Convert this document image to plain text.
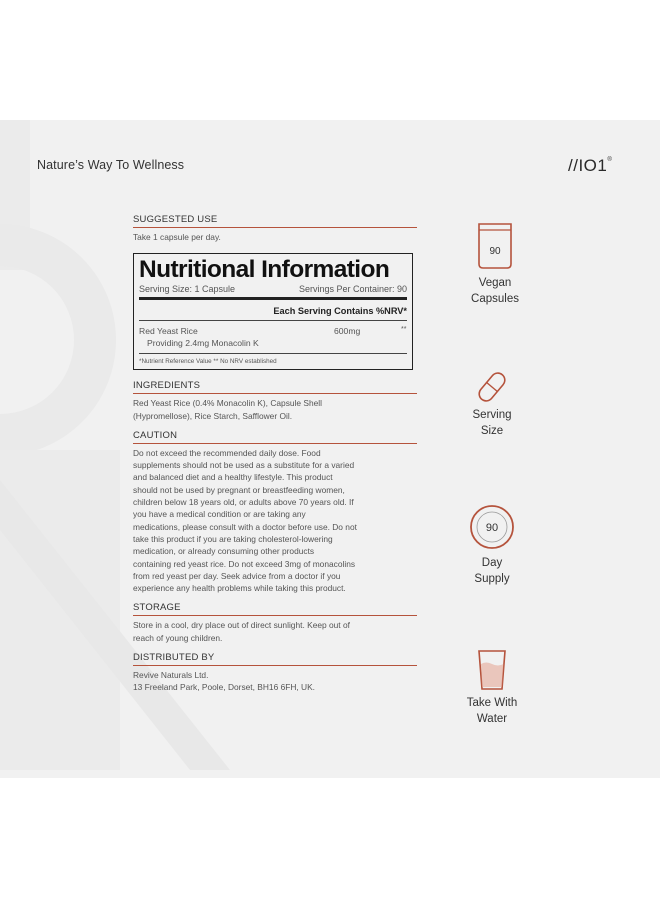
Nature’s Way To Wellness	//IO1®
SUGGESTED USE
Take 1 capsule per day.
Nutritional Information
Serving Size: 1 Capsule	Servings Per Container: 90
Each Serving Contains %NRV*
Red Yeast Rice	600mg	**
Providing 2.4mg Monacolin K
*Nutrient Reference Value ** No NRV established
INGREDIENTS
Red Yeast Rice (0.4% Monacolin K), Capsule Shell
(Hypromellose), Rice Starch, Safflower Oil.
CAUTION
Do not exceed the recommended daily dose. Food
supplements should not be used as a substitute for a varied
and balanced diet and a healthy lifestyle. This product
should not be used by pregnant or breastfeeding women,
children below 18 years old, or adults above 70 years old. If
you have a medical condition or are taking any
medications, please consult with a doctor before use. Do not
take this product if you are taking cholesterol-lowering
medication, or already consuming other products
containing red yeast rice. Do not exceed 3mg of monacolins
from red yeast per day. Seek advice from a doctor if you
experience any health problems while taking this product.
STORAGE
Store in a cool, dry place out of direct sunlight. Keep out of
reach of young children.
DISTRIBUTED BY
Revive Naturals Ltd.
13 Freeland Park, Poole, Dorset, BH16 6FH, UK.
90
Vegan
Capsules
Serving
Size
90
Day
Supply
Take With
Water
